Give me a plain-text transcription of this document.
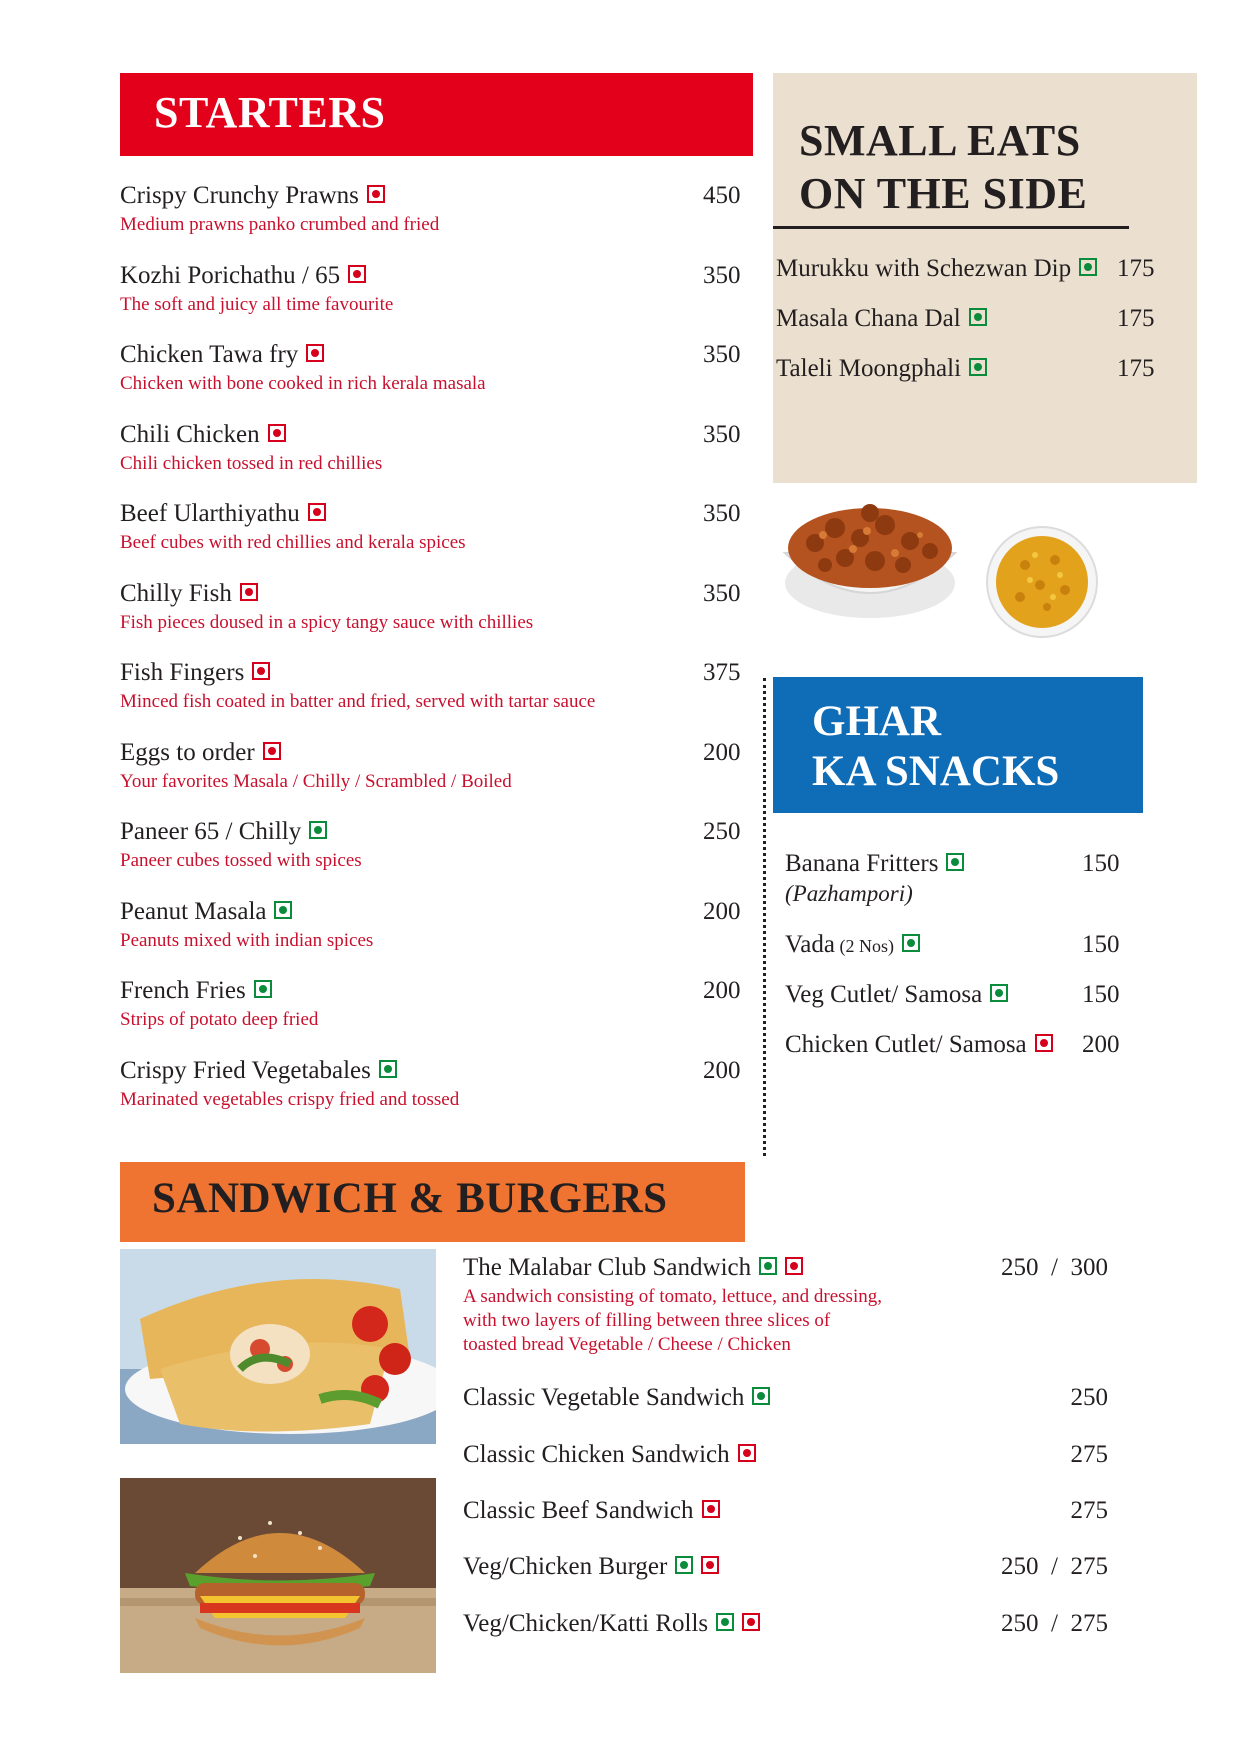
STARTERS
SMALL EATS
ON THE SIDE
GHAR
KA SNACKS
SANDWICH & BURGERS
Crispy Crunchy Prawns
Medium prawns panko crumbed and fried
450
Kozhi Porichathu / 65
The soft and juicy all time favourite
350
Chicken Tawa fry
Chicken with bone cooked in rich kerala masala
350
Chili Chicken
Chili chicken tossed in red chillies
350
Beef Ularthiyathu
Beef cubes with red chillies and kerala spices
350
Chilly Fish
Fish pieces doused in a spicy tangy sauce with chillies
350
Fish Fingers
Minced fish coated in batter and fried, served with tartar sauce
375
Eggs to order
Your favorites Masala / Chilly / Scrambled / Boiled
200
Paneer 65 / Chilly
Paneer cubes tossed with spices
250
Peanut Masala
Peanuts mixed with indian spices
200
French Fries
Strips of potato deep fried
200
Crispy Fried Vegetabales
Marinated vegetables crispy fried and tossed
200
Murukku with Schezwan Dip	175
Masala Chana Dal	175
Taleli Moongphali	175
Banana Fritters
(Pazhampori)
150
Vada (2 Nos)	150
Veg Cutlet/ Samosa	150
Chicken Cutlet/ Samosa	200
The Malabar Club Sandwich
A sandwich consisting of tomato, lettuce, and dressing,
with two layers of filling between three slices of
toasted bread Vegetable / Cheese / Chicken
250  /  300
Classic Vegetable Sandwich	250
Classic Chicken Sandwich	275
Classic Beef Sandwich	275
Veg/Chicken Burger	250  /  275
Veg/Chicken/Katti Rolls	250  /  275
